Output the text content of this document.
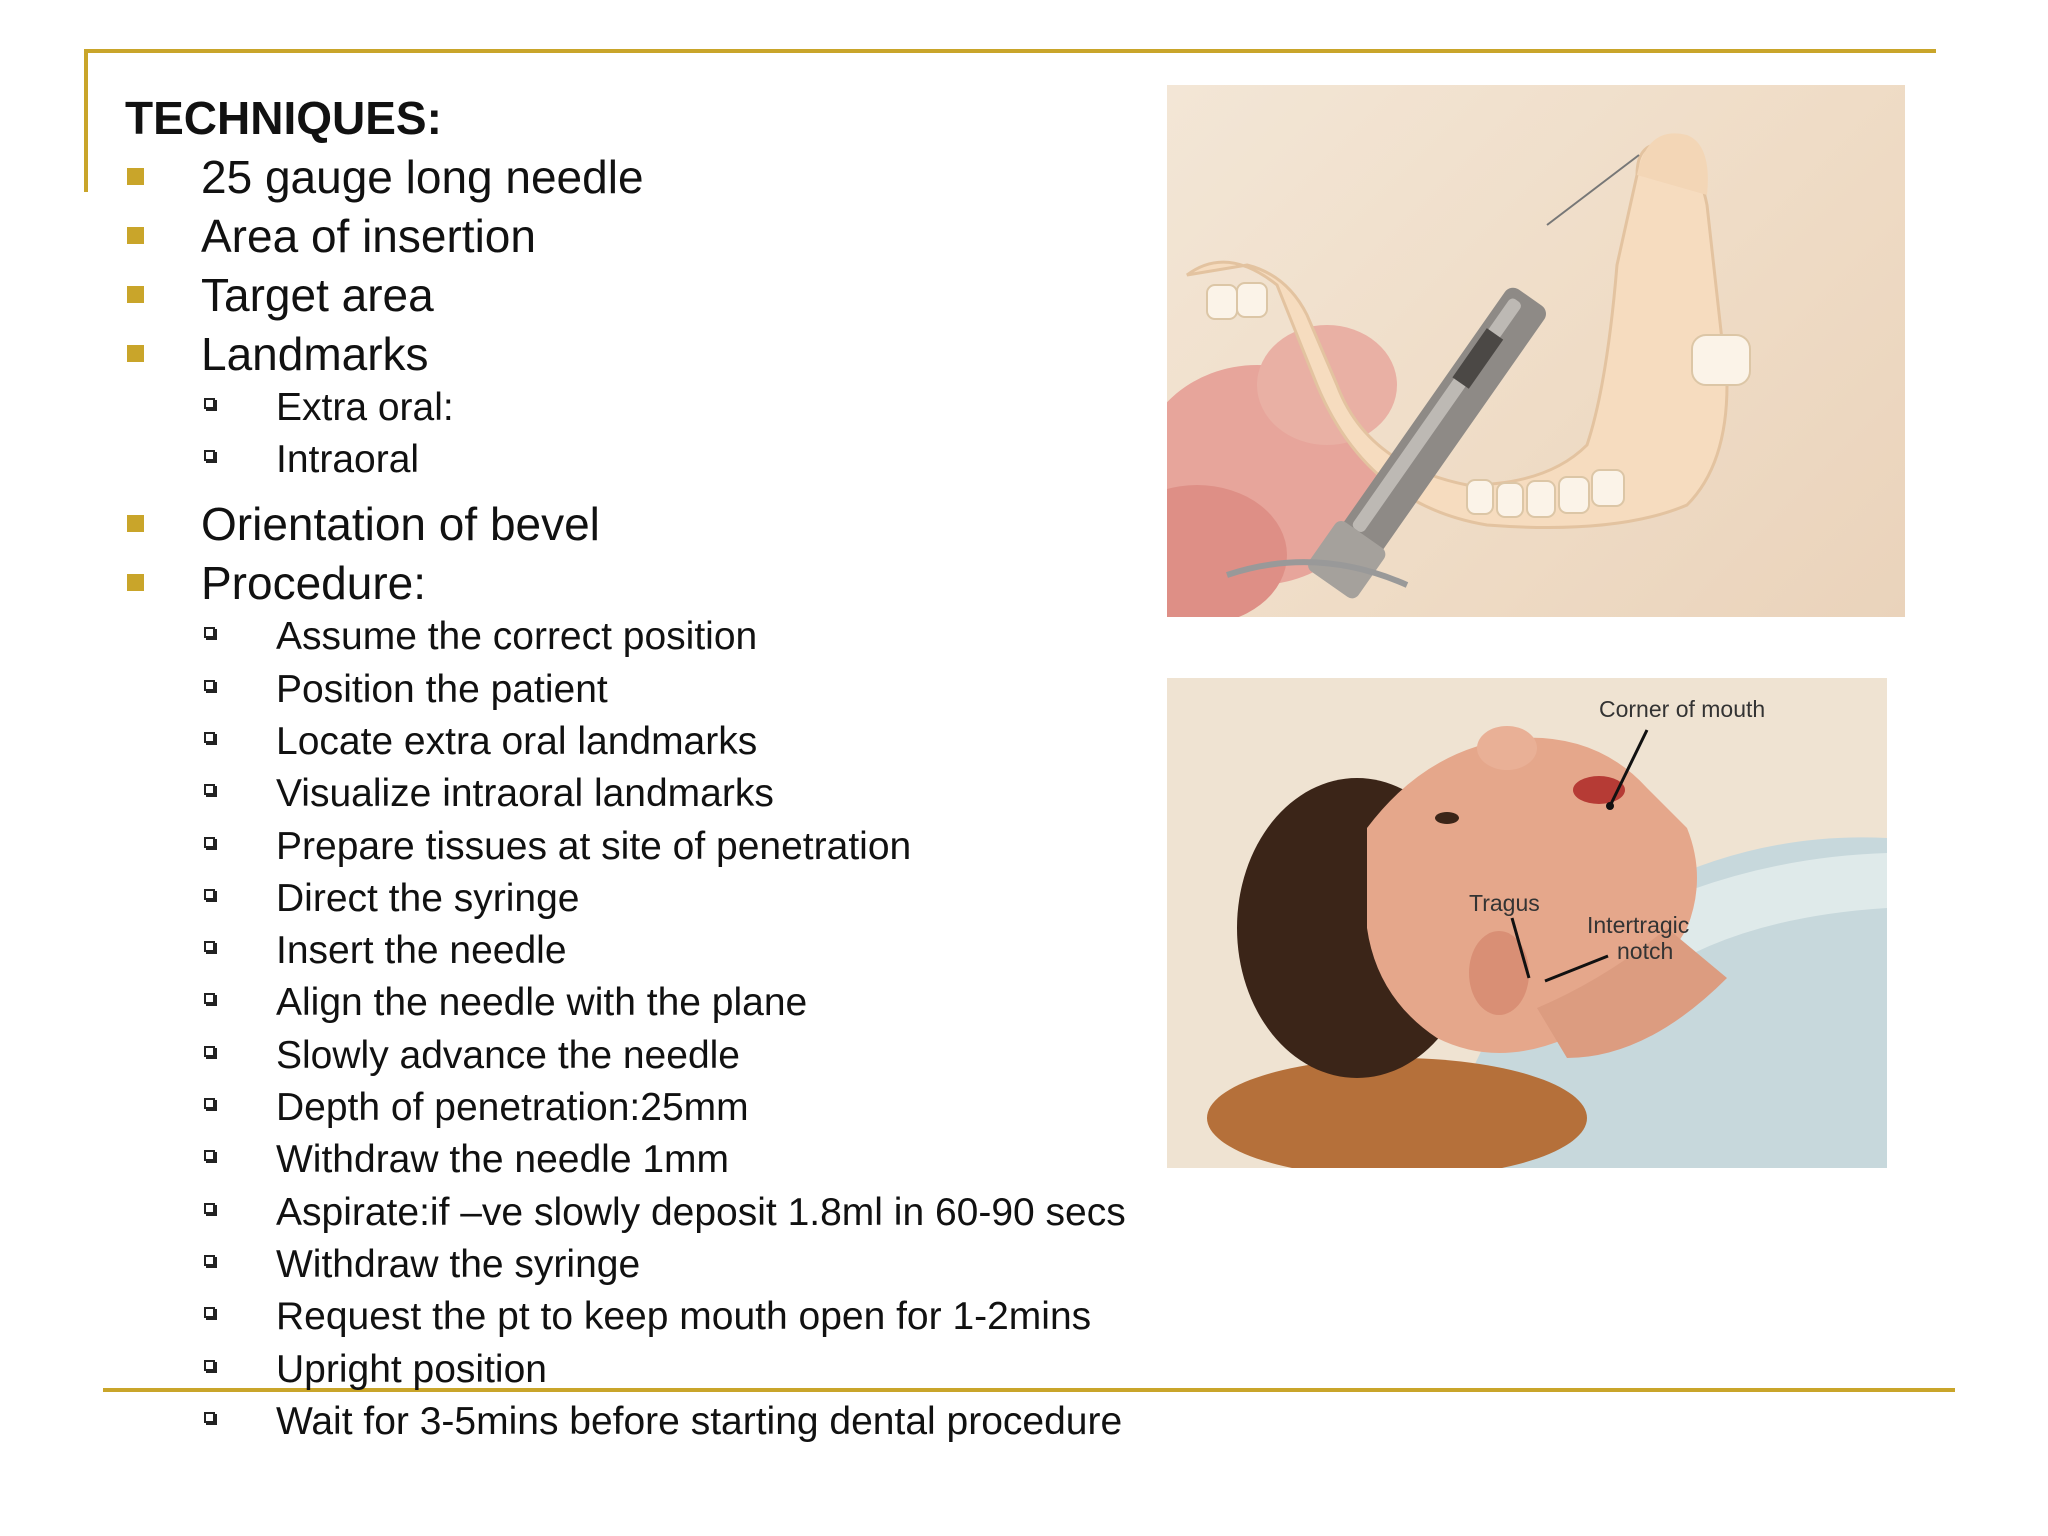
TECHNIQUES:
25 gauge long needle
Area of insertion
Target area
Landmarks
Extra oral:
Intraoral
Orientation of bevel
Procedure:
Assume the correct position
Position the patient
Locate extra oral landmarks
Visualize intraoral landmarks
Prepare tissues at site of penetration
Direct the syringe
Insert the needle
Align the needle with the plane
Slowly advance the needle
Depth of penetration:25mm
Withdraw the needle 1mm
Aspirate:if –ve slowly deposit 1.8ml in 60-90 secs
Withdraw the syringe
Request the pt to keep mouth open for 1-2mins
Upright position
Wait for 3-5mins before starting dental procedure
Corner of mouth
Tragus
Intertragic
notch
